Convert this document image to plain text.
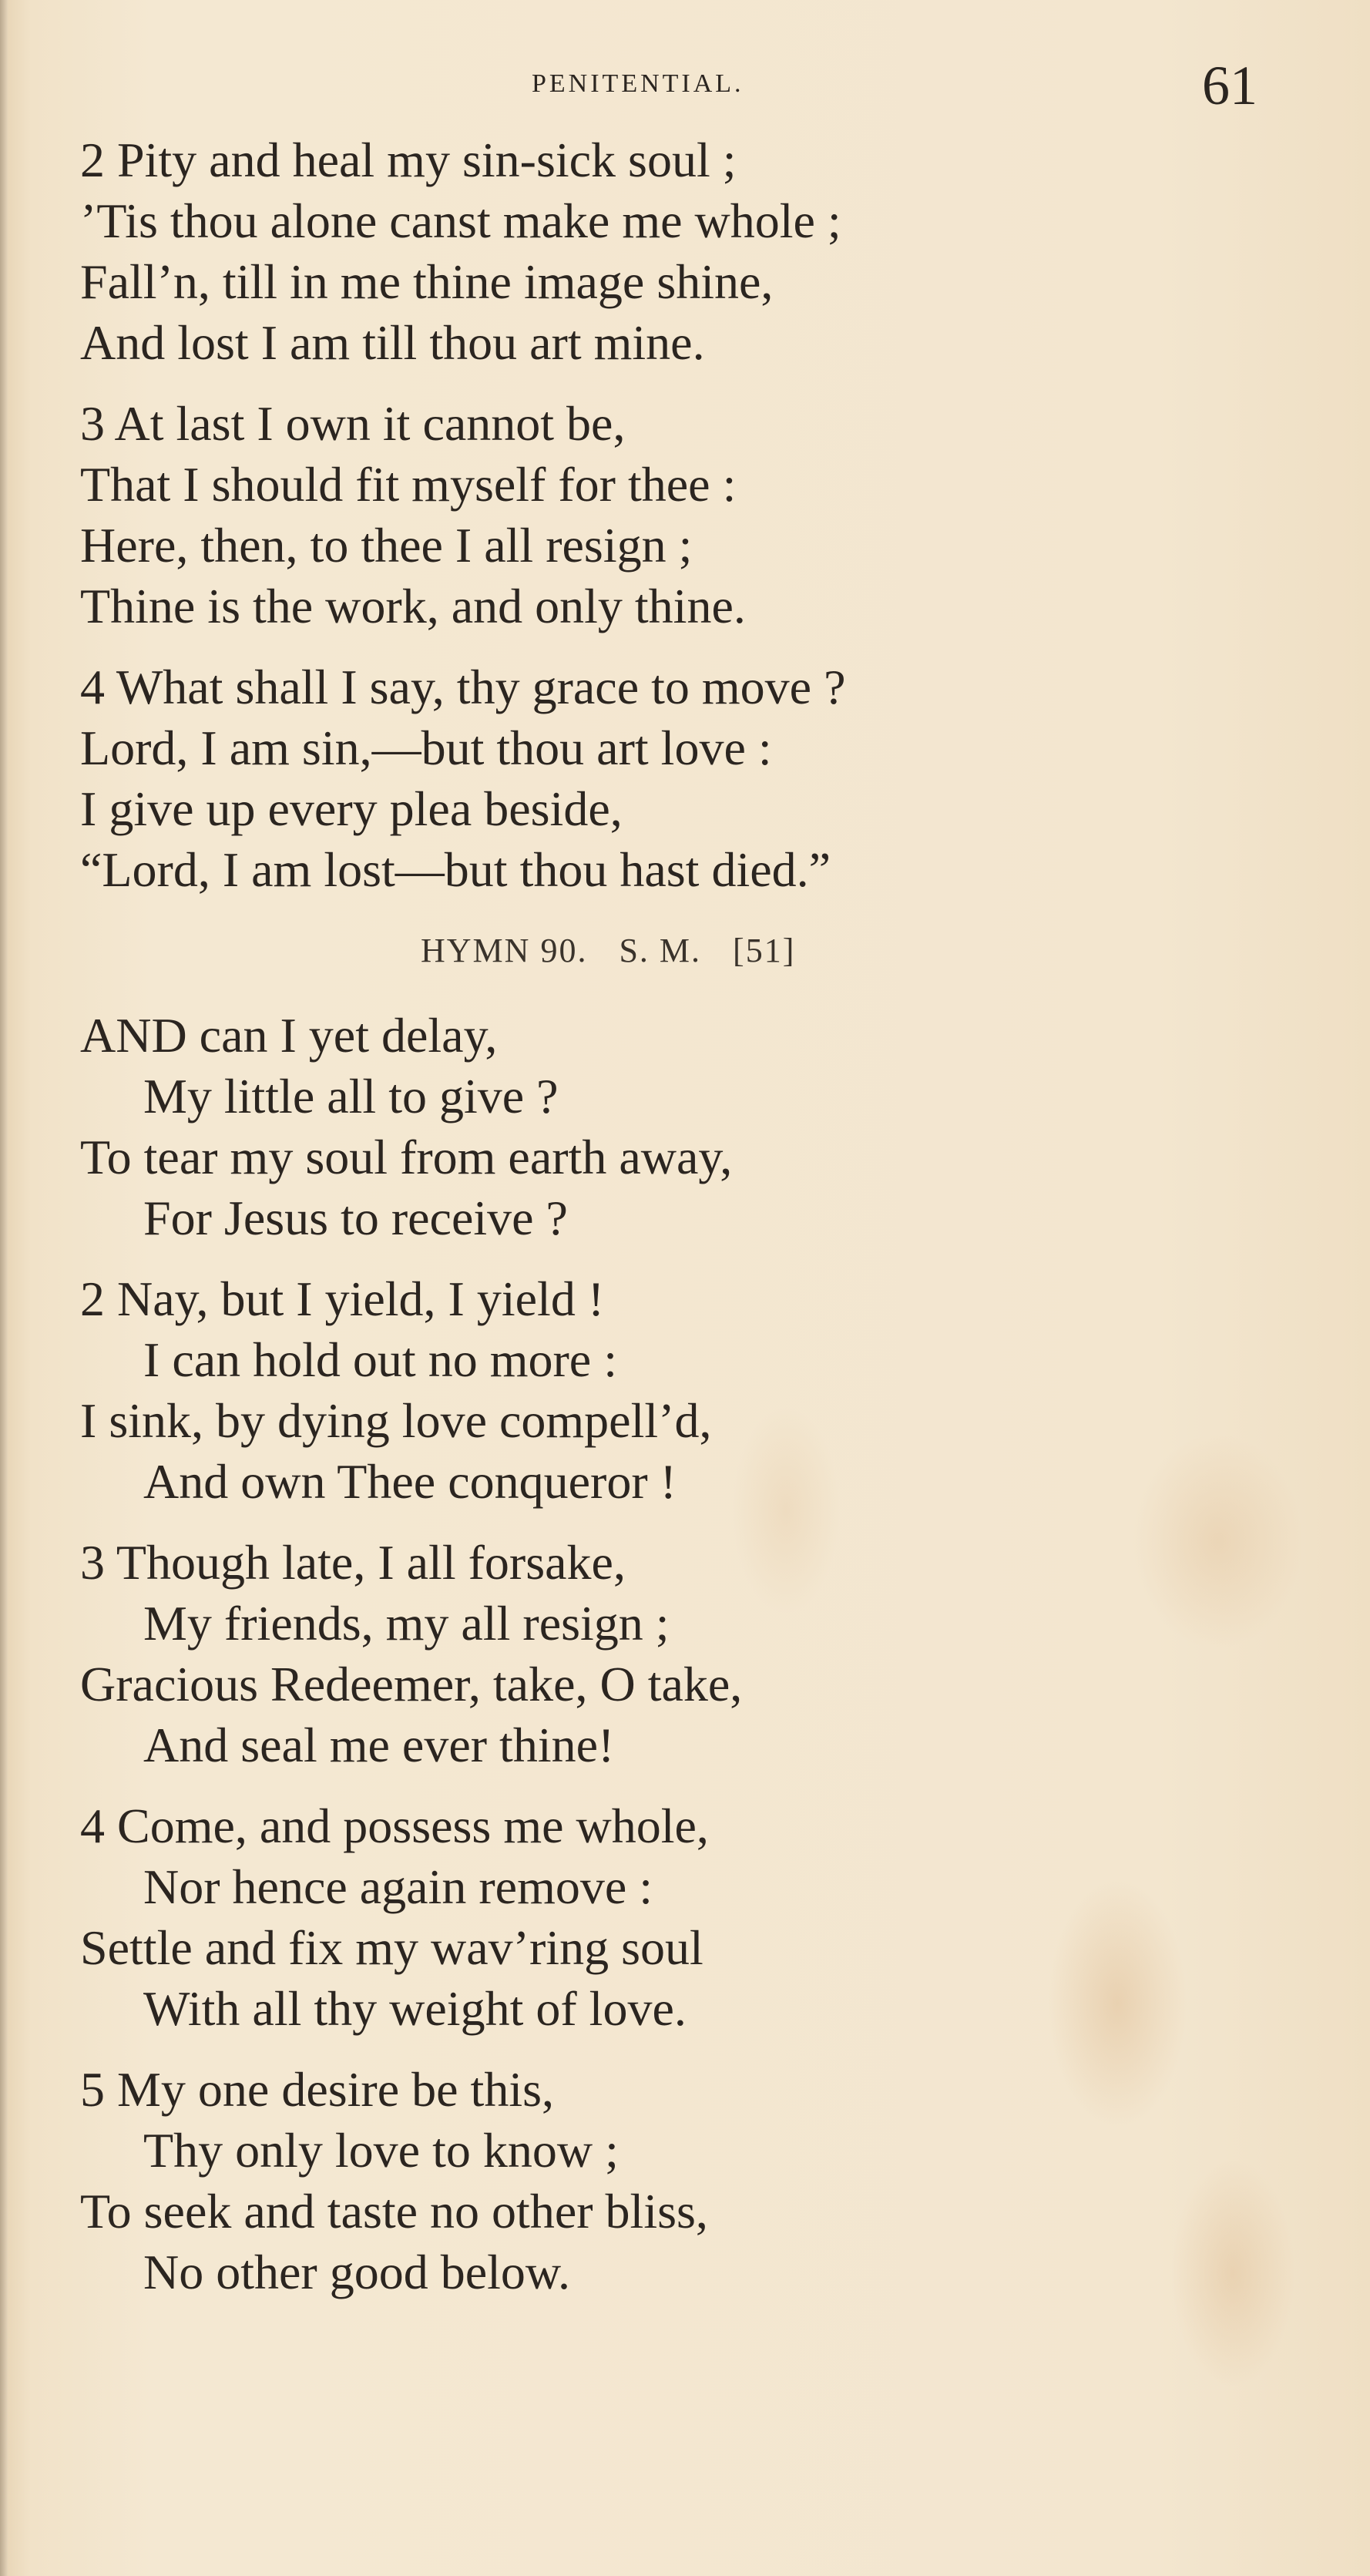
PENITENTIAL.	61
2 Pity and heal my sin-sick soul ;
’Tis thou alone canst make me whole ;
Fall’n, till in me thine image shine,
And lost I am till thou art mine.
3 At last I own it cannot be,
That I should fit myself for thee :
Here, then, to thee I all resign ;
Thine is the work, and only thine.
4 What shall I say, thy grace to move ?
Lord, I am sin,—but thou art love :
I give up every plea beside,
“Lord, I am lost—but thou hast died.”
HYMN 90. S. M. [51]
AND can I yet delay,
My little all to give ?
To tear my soul from earth away,
For Jesus to receive ?
2 Nay, but I yield, I yield !
I can hold out no more :
I sink, by dying love compell’d,
And own Thee conqueror !
3 Though late, I all forsake,
My friends, my all resign ;
Gracious Redeemer, take, O take,
And seal me ever thine!
4 Come, and possess me whole,
Nor hence again remove :
Settle and fix my wav’ring soul
With all thy weight of love.
5 My one desire be this,
Thy only love to know ;
To seek and taste no other bliss,
No other good below.
